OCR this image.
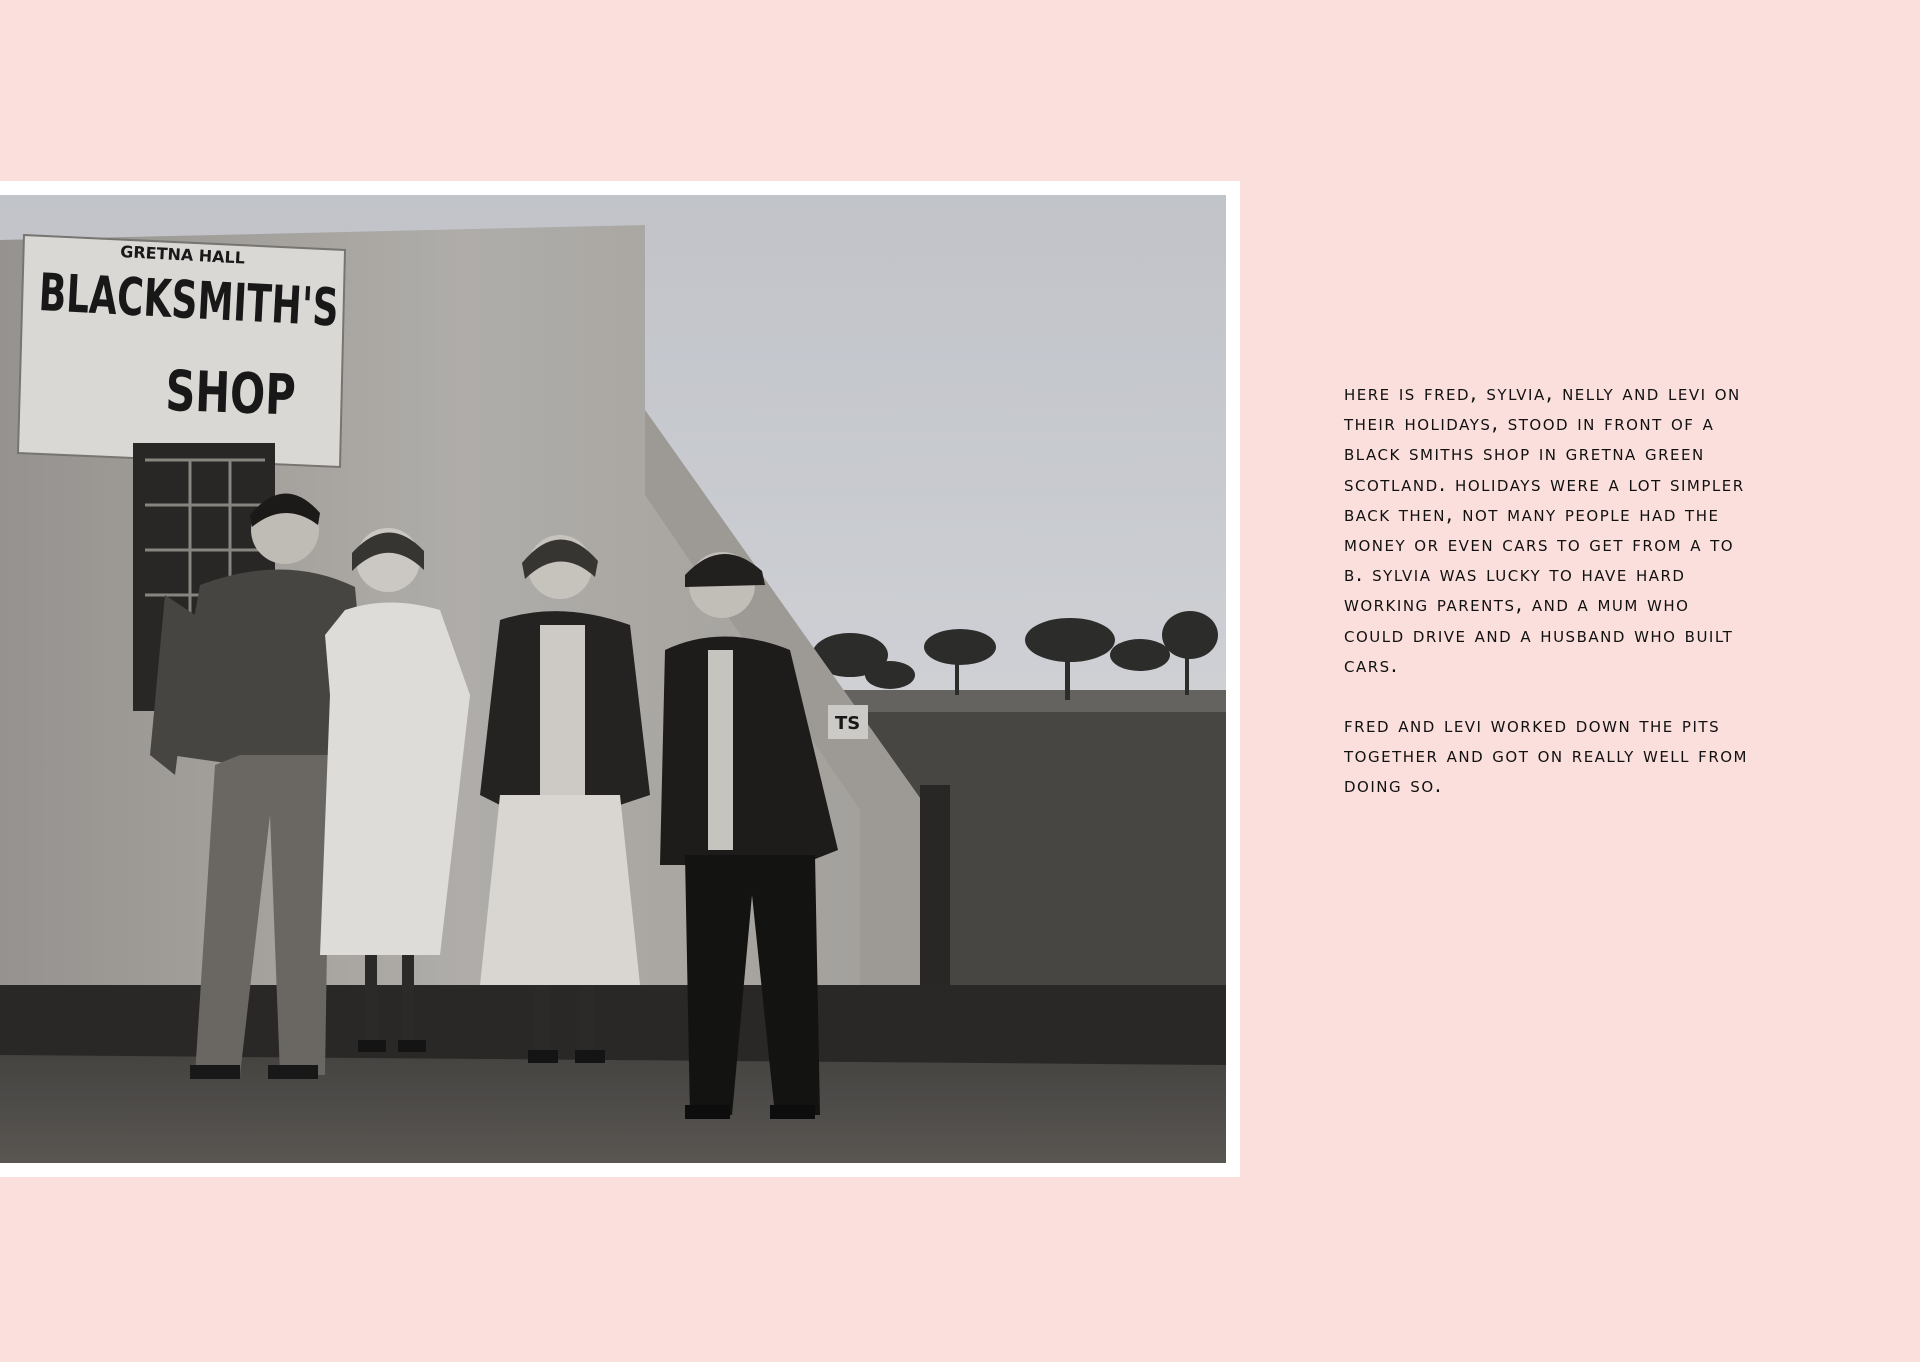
TS
GRETNA HALL
BLACKSMITH'S
SHOP	here is fred, sylvia, nelly and levi on their holidays, stood in front of a black smiths shop in gretna green scotland. holidays were a lot simpler back then, not many people had the money or even cars to get from a to b. sylvia was lucky to have hard working parents, and a mum who could drive and a husband who built cars.

fred and levi worked down the pits together and got on really well from doing so.
